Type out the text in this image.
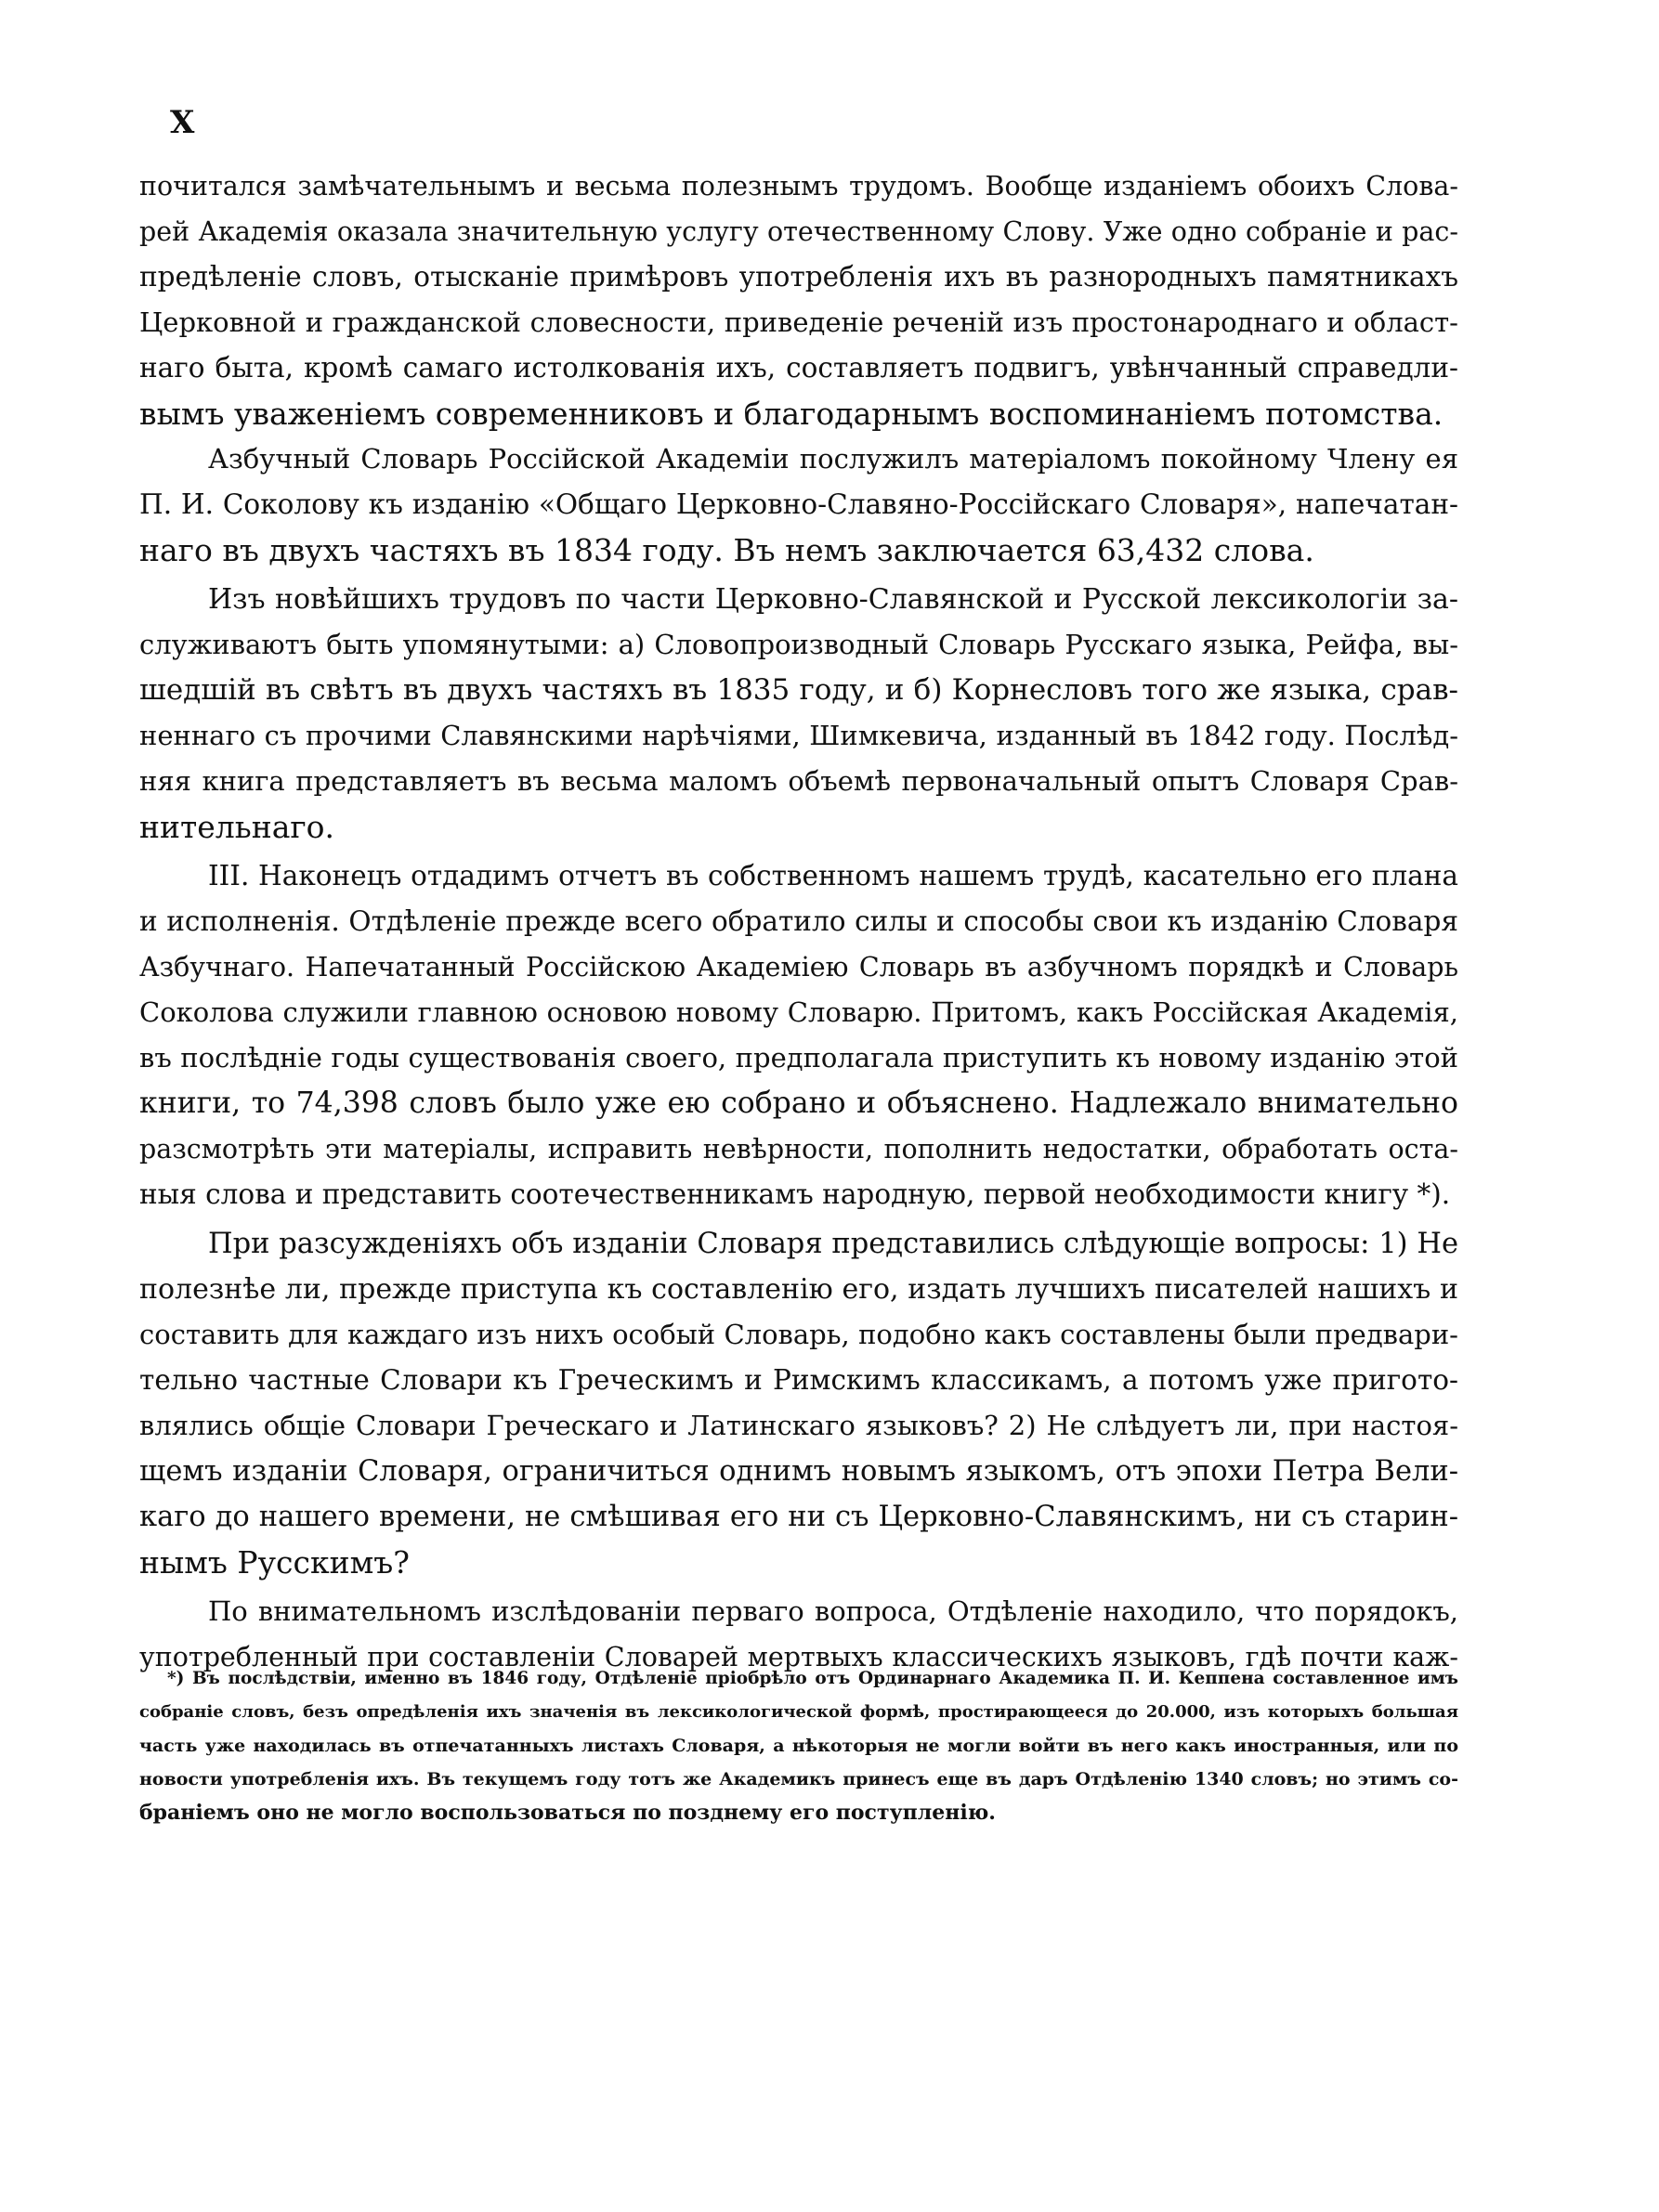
X
почитался замѣчательнымъ и весьма полезнымъ трудомъ. Вообще изданіемъ обоихъ Слова-
рей Академія оказала значительную услугу отечественному Слову. Уже одно собраніе и рас-
предѣленіе словъ, отысканіе примѣровъ употребленія ихъ въ разнородныхъ памятникахъ
Церковной и гражданской словесности, приведеніе реченій изъ простонароднаго и област-
наго быта, кромѣ самаго истолкованія ихъ, составляетъ подвигъ, увѣнчанный справедли-
вымъ уваженіемъ современниковъ и благодарнымъ воспоминаніемъ потомства.
Азбучный Словарь Россійской Академіи послужилъ матеріаломъ покойному Члену ея
П. И. Соколову къ изданію «Общаго Церковно-Славяно-Россійскаго Словаря», напечатан-
наго въ двухъ частяхъ въ 1834 году. Въ немъ заключается 63,432 слова.
Изъ новѣйшихъ трудовъ по части Церковно-Славянской и Русской лексикологіи за-
служиваютъ быть упомянутыми: а) Словопроизводный Словарь Русскаго языка, Рейфа, вы-
шедшій въ свѣтъ въ двухъ частяхъ въ 1835 году, и б) Корнесловъ того же языка, срав-
неннаго съ прочими Славянскими нарѣчіями, Шимкевича, изданный въ 1842 году. Послѣд-
няя книга представляетъ въ весьма маломъ объемѣ первоначальный опытъ Словаря Срав-
нительнаго.
III. Наконецъ отдадимъ отчетъ въ собственномъ нашемъ трудѣ, касательно его плана
и исполненія. Отдѣленіе прежде всего обратило силы и способы свои къ изданію Словаря
Азбучнаго. Напечатанный Россійскою Академіею Словарь въ азбучномъ порядкѣ и Словарь
Соколова служили главною основою новому Словарю. Притомъ, какъ Россійская Академія,
въ послѣдніе годы существованія своего, предполагала приступить къ новому изданію этой
книги, то 74,398 словъ было уже ею собрано и объяснено. Надлежало внимательно
разсмотрѣть эти матеріалы, исправить невѣрности, пополнить недостатки, обработать оста-
ныя слова и представить соотечественникамъ народную, первой необходимости книгу *).
При разсужденіяхъ объ изданіи Словаря представились слѣдующіе вопросы: 1) Не
полезнѣе ли, прежде приступа къ составленію его, издать лучшихъ писателей нашихъ и
составить для каждаго изъ нихъ особый Словарь, подобно какъ составлены были предвари-
тельно частные Словари къ Греческимъ и Римскимъ классикамъ, а потомъ уже пригото-
влялись общіе Словари Греческаго и Латинскаго языковъ? 2) Не слѣдуетъ ли, при настоя-
щемъ изданіи Словаря, ограничиться однимъ новымъ языкомъ, отъ эпохи Петра Вели-
каго до нашего времени, не смѣшивая его ни съ Церковно-Славянскимъ, ни съ старин-
нымъ Русскимъ?
По внимательномъ изслѣдованіи перваго вопроса, Отдѣленіе находило, что порядокъ,
употребленный при составленіи Словарей мертвыхъ классическихъ языковъ, гдѣ почти каж-
*) Въ послѣдствіи, именно въ 1846 году, Отдѣленіе пріобрѣло отъ Ординарнаго Академика П. И. Кеппена составленное имъ
собраніе словъ, безъ опредѣленія ихъ значенія въ лексикологической формѣ, простирающееся до 20.000, изъ которыхъ большая
часть уже находилась въ отпечатанныхъ листахъ Словаря, а нѣкоторыя не могли войти въ него какъ иностранныя, или по
новости употребленія ихъ. Въ текущемъ году тотъ же Академикъ принесъ еще въ даръ Отдѣленію 1340 словъ; но этимъ со-
браніемъ оно не могло воспользоваться по позднему его поступленію.
